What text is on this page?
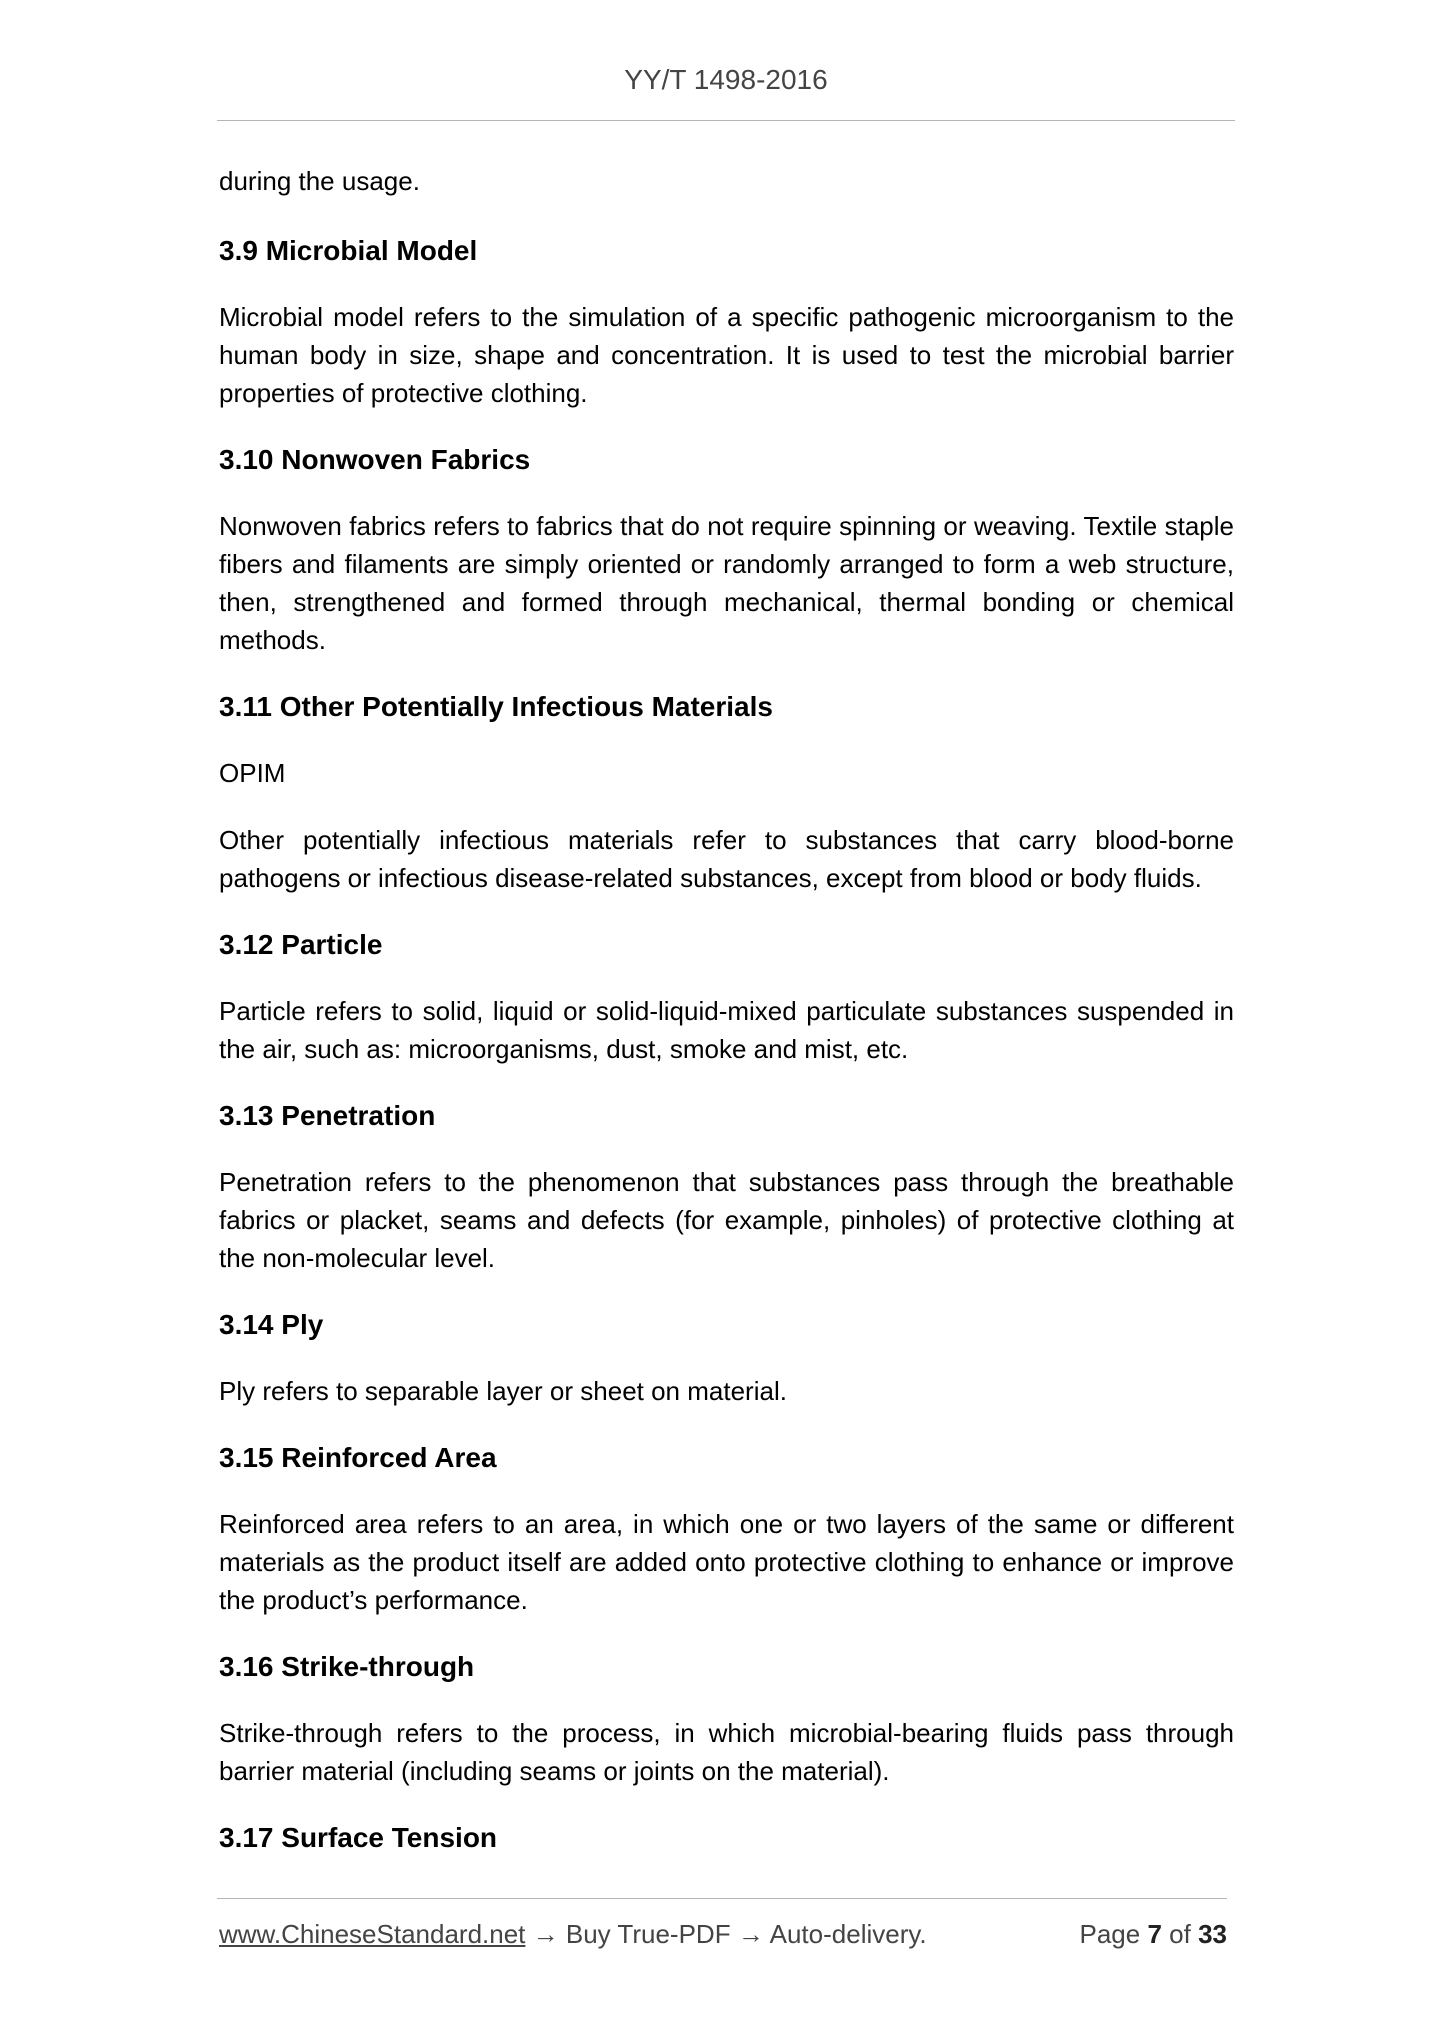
YY/T 1498-2016

during the usage.

3.9 Microbial Model

Microbial model refers to the simulation of a specific pathogenic microorganism to the human body in size, shape and concentration. It is used to test the microbial barrier properties of protective clothing.

3.10 Nonwoven Fabrics

Nonwoven fabrics refers to fabrics that do not require spinning or weaving. Textile staple fibers and filaments are simply oriented or randomly arranged to form a web structure, then, strengthened and formed through mechanical, thermal bonding or chemical methods.

3.11 Other Potentially Infectious Materials

OPIM

Other potentially infectious materials refer to substances that carry blood-borne pathogens or infectious disease-related substances, except from blood or body fluids.

3.12 Particle

Particle refers to solid, liquid or solid-liquid-mixed particulate substances suspended in the air, such as: microorganisms, dust, smoke and mist, etc.

3.13 Penetration

Penetration refers to the phenomenon that substances pass through the breathable fabrics or placket, seams and defects (for example, pinholes) of protective clothing at the non-molecular level.

3.14 Ply

Ply refers to separable layer or sheet on material.

3.15 Reinforced Area

Reinforced area refers to an area, in which one or two layers of the same or different materials as the product itself are added onto protective clothing to enhance or improve the product’s performance.

3.16 Strike-through

Strike-through refers to the process, in which microbial-bearing fluids pass through barrier material (including seams or joints on the material).

3.17 Surface Tension
www.ChineseStandard.net → Buy True-PDF → Auto-delivery.	Page 7 of 33
